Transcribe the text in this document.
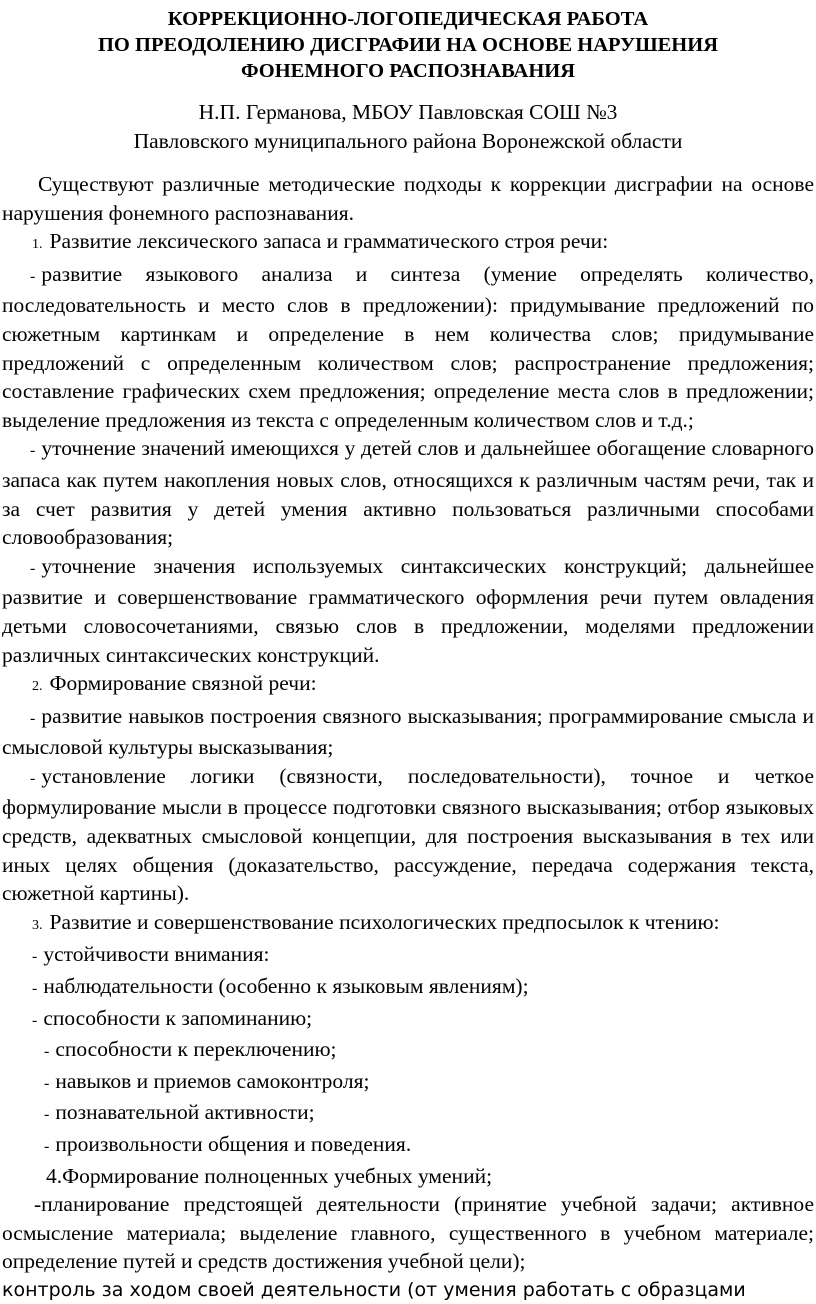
КОРРЕКЦИОННО-ЛОГОПЕДИЧЕСКАЯ РАБОТА
ПО ПРЕОДОЛЕНИЮ ДИСГРАФИИ НА ОСНОВЕ НАРУШЕНИЯ
ФОНЕМНОГО РАСПОЗНАВАНИЯ
Н.П. Германова, МБОУ Павловская СОШ №3
Павловского муниципального района Воронежской области

Существуют различные методические подходы к коррекции дисграфии на основе нарушения фонемного распознавания.

1. Развитие лексического запаса и грамматического строя речи:

- развитие языкового анализа и синтеза (умение определять количество, последовательность и место слов в предложении): придумывание предложений по сюжетным картинкам и определение в нем количества слов; придумывание предложений с определенным количеством слов; распространение предложения; составление графических схем предложения; определение места слов в предложении; выделение предложения из текста с определенным количеством слов и т.д.;

- уточнение значений имеющихся у детей слов и дальнейшее обогащение словарного запаса как путем накопления новых слов, относящихся к различным частям речи, так и за счет развития у детей умения активно пользоваться различными способами словообразования;

- уточнение значения используемых синтаксических конструкций; дальнейшее развитие и совершенствование грамматического оформления речи путем овладения детьми словосочетаниями, связью слов в предложении, моделями предложении различных синтаксических конструкций.

2. Формирование связной речи:

- развитие навыков построения связного высказывания; программирование смысла и смысловой культуры высказывания;

- установление логики (связности, последовательности), точное и четкое формулирование мысли в процессе подготовки связного высказывания; отбор языковых средств, адекватных смысловой концепции, для построения высказывания в тех или иных целях общения (доказательство, рассуждение, передача содержания текста, сюжетной картины).

3. Развитие и совершенствование психологических предпосылок к чтению:

- устойчивости внимания:

- наблюдательности (особенно к языковым явлениям);

- способности к запоминанию;

- способности к переключению;

- навыков и приемов самоконтроля;

- познавательной активности;

- произвольности общения и поведения.

4.Формирование полноценных учебных умений;

-планирование предстоящей деятельности (принятие учебной задачи; активное осмысление материала; выделение главного, существенного в учебном материале; определение путей и средств достижения учебной цели);

контроль за ходом своей деятельности (от умения работать с образцами
